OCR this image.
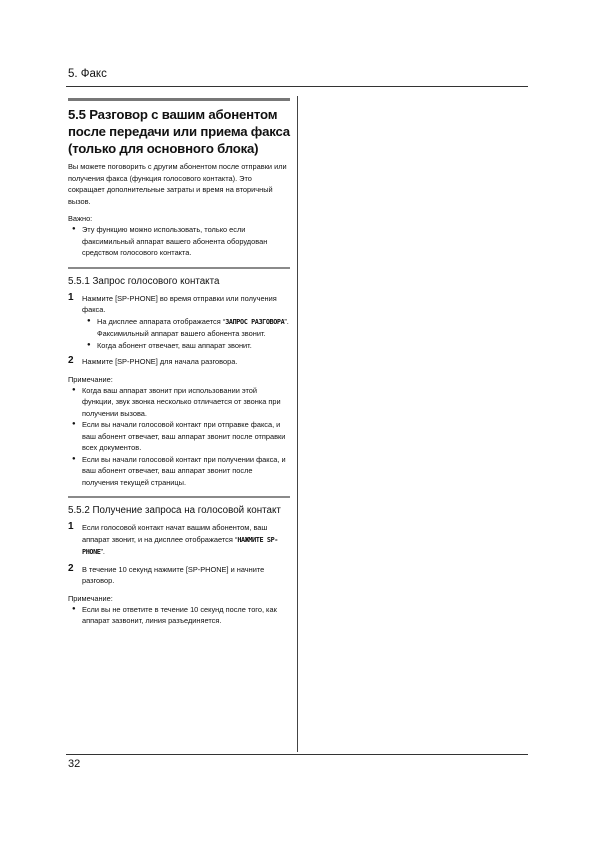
5. Факс
5.5 Разговор с вашим абонентом
после передачи или приема факса
(только для основного блока)
Вы можете поговорить с другим абонентом после отправки или получения факса (функция голосового контакта). Это сокращает дополнительные затраты и время на вторичный вызов.
Важно:
● Эту функцию можно использовать, только если факсимильный аппарат вашего абонента оборудован средством голосового контакта.
5.5.1 Запрос голосового контакта
1 Нажмите [SP-PHONE] во время отправки или получения факса.
● На дисплее аппарата отображается “ЗАПРОС РАЗГОВОРА”. Факсимильный аппарат вашего абонента звонит.
● Когда абонент отвечает, ваш аппарат звонит.
2 Нажмите [SP-PHONE] для начала разговора.
Примечание:
● Когда ваш аппарат звонит при использовании этой функции, звук звонка несколько отличается от звонка при получении вызова.
● Если вы начали голосовой контакт при отправке факса, и ваш абонент отвечает, ваш аппарат звонит после отправки всех документов.
● Если вы начали голосовой контакт при получении факса, и ваш абонент отвечает, ваш аппарат звонит после получения текущей страницы.
5.5.2 Получение запроса на голосовой контакт
1 Если голосовой контакт начат вашим абонентом, ваш аппарат звонит, и на дисплее отображается “НАЖМИТЕ SP-PHONE”.
2 В течение 10 секунд нажмите [SP-PHONE] и начните разговор.
Примечание:
● Если вы не ответите в течение 10 секунд после того, как аппарат зазвонит, линия разъединяется.
32
